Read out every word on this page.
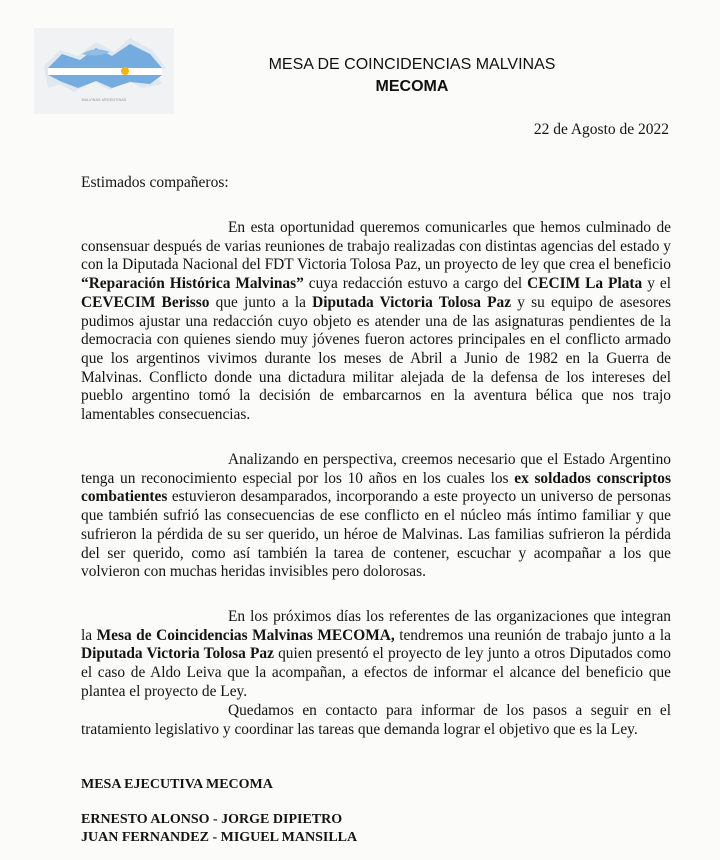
MALVINAS ARGENTINAS
MESA DE COINCIDENCIAS MALVINAS
MECOMA
22 de Agosto de 2022
Estimados compañeros:

En esta oportunidad queremos comunicarles que hemos culminado de consensuar después de varias reuniones de trabajo realizadas con distintas agencias del estado y con la Diputada Nacional del FDT Victoria Tolosa Paz, un proyecto de ley que crea el beneficio “Reparación Histórica Malvinas” cuya redacción estuvo a cargo del CECIM La Plata y el CEVECIM Berisso que junto a la Diputada Victoria Tolosa Paz y su equipo de asesores pudimos ajustar una redacción cuyo objeto es atender una de las asignaturas pendientes de la democracia con quienes siendo muy jóvenes fueron actores principales en el conflicto armado que los argentinos vivimos durante los meses de Abril a Junio de 1982 en la Guerra de Malvinas. Conflicto donde una dictadura militar alejada de la defensa de los intereses del pueblo argentino tomó la decisión de embarcarnos en la aventura bélica que nos trajo lamentables consecuencias.

Analizando en perspectiva, creemos necesario que el Estado Argentino tenga un reconocimiento especial por los 10 años en los cuales los ex soldados conscriptos combatientes estuvieron desamparados, incorporando a este proyecto un universo de personas que también sufrió las consecuencias de ese conflicto en el núcleo más íntimo familiar y que sufrieron la pérdida de su ser querido, un héroe de Malvinas. Las familias sufrieron la pérdida del ser querido, como así también la tarea de contener, escuchar y acompañar a los que volvieron con muchas heridas invisibles pero dolorosas.

En los próximos días los referentes de las organizaciones que integran la Mesa de Coincidencias Malvinas MECOMA, tendremos una reunión de trabajo junto a la Diputada Victoria Tolosa Paz quien presentó el proyecto de ley junto a otros Diputados como el caso de Aldo Leiva que la acompañan, a efectos de informar el alcance del beneficio que plantea el proyecto de Ley.

Quedamos en contacto para informar de los pasos a seguir en el tratamiento legislativo y coordinar las tareas que demanda lograr el objetivo que es la Ley.

MESA EJECUTIVA MECOMA
ERNESTO ALONSO - JORGE DIPIETRO
JUAN FERNANDEZ - MIGUEL MANSILLA
